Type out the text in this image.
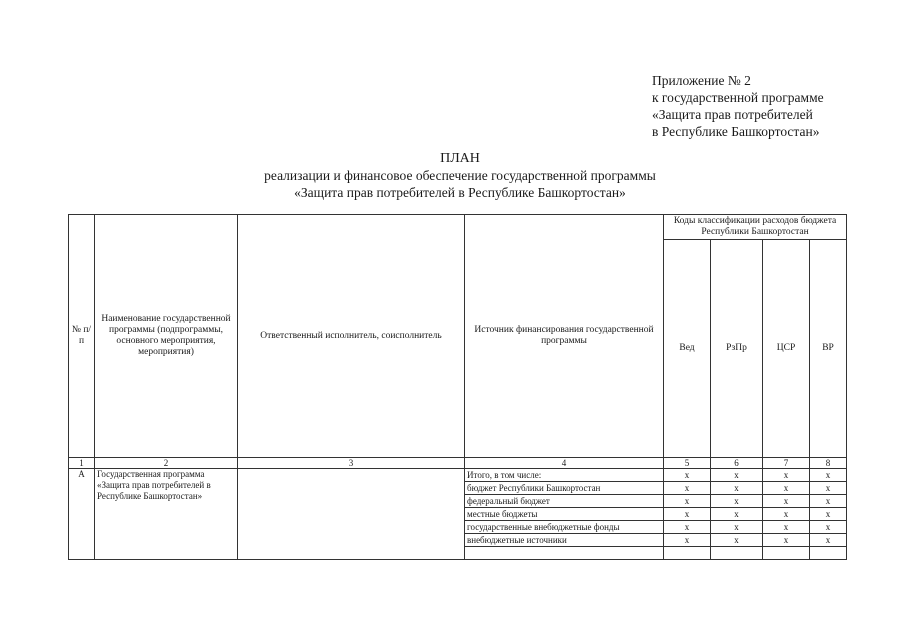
Приложение № 2
к государственной программе
«Защита прав потребителей
в Республике Башкортостан»
ПЛАН
реализации и финансовое обеспечение государственной программы
«Защита прав потребителей в Республике Башкортостан»
№ п/п	Наименование государственной программы (подпрограммы, основного мероприятия, мероприятия)	Ответственный исполнитель, соисполнитель	Источник финансирования государственной программы	Коды классификации расходов бюджета Республики Башкортостан			
				Вед	РзПр	ЦСР	ВР
1	2	3	4	5	6	7	8
А	Государственная программа «Защита прав потребителей в Республике Башкортостан»		Итого, в том числе:	х	х	х	х
			бюджет Республики Башкортостан	х	х	х	х
			федеральный бюджет	х	х	х	х
			местные бюджеты	х	х	х	х
			государственные внебюджетные фонды	х	х	х	х
			внебюджетные источники	х	х	х	х
